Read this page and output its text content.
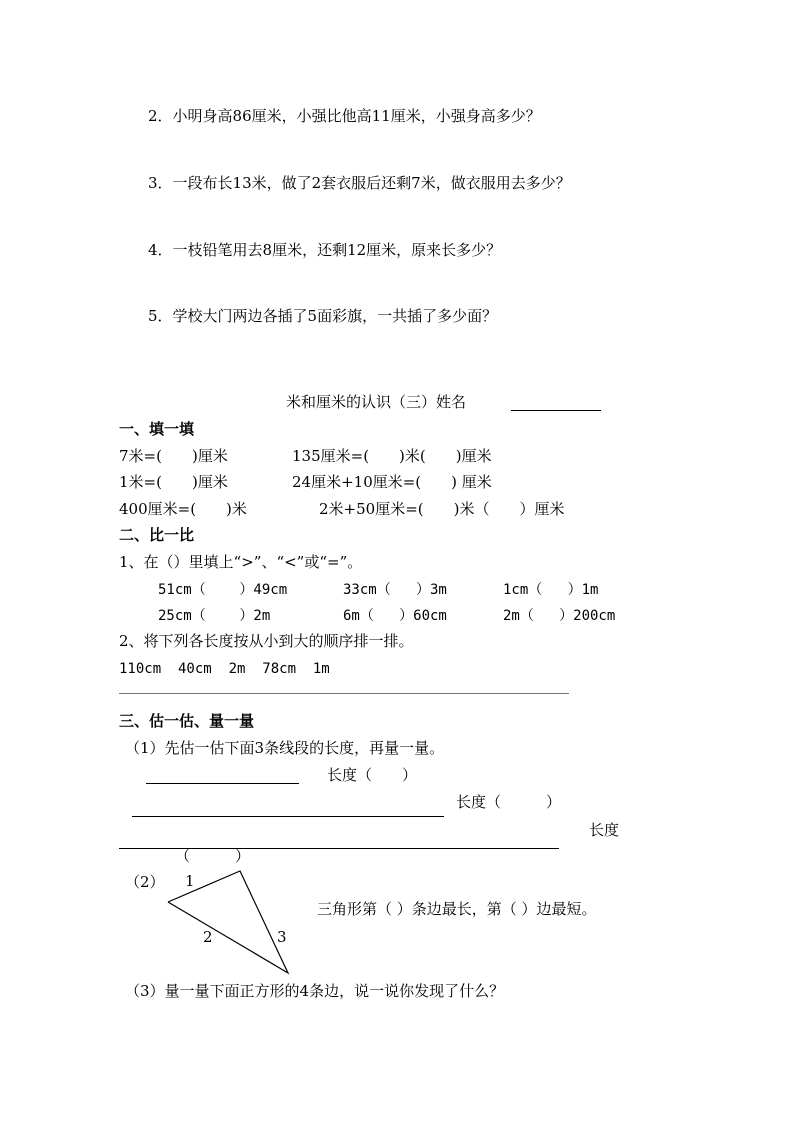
2．小明身高86厘米，小强比他高11厘米，小强身高多少？
3．一段布长13米，做了2套衣服后还剩7米，做衣服用去多少？
4．一枝铅笔用去8厘米，还剩12厘米，原来长多少？
5．学校大门两边各插了5面彩旗，一共插了多少面？
米和厘米的认识（三）姓名
一、填一填
7米=(　　)厘米	135厘米=(　　)米(　　)厘米
1米=(　　)厘米	24厘米+10厘米=(　　) 厘米
400厘米=(　　)米	2米+50厘米=(　　)米（　　）厘米
二、比一比
1、在（）里填上“>”、“<”或“=”。
51cm（    ）49cm	33cm（   ）3m	1cm（   ）1m
25cm（    ）2m	6m（   ）60cm	2m（   ）200cm
2、将下列各长度按从小到大的顺序排一排。
110cm  40cm  2m  78cm  1m
三、估一估、量一量
（1）先估一估下面3条线段的长度，再量一量。
长度（　　）
长度（　　　）
长度
（　　　）
（2） 1
2	3
三角形第（ ）条边最长，第（ ）边最短。
（3）量一量下面正方形的4条边，说一说你发现了什么？
